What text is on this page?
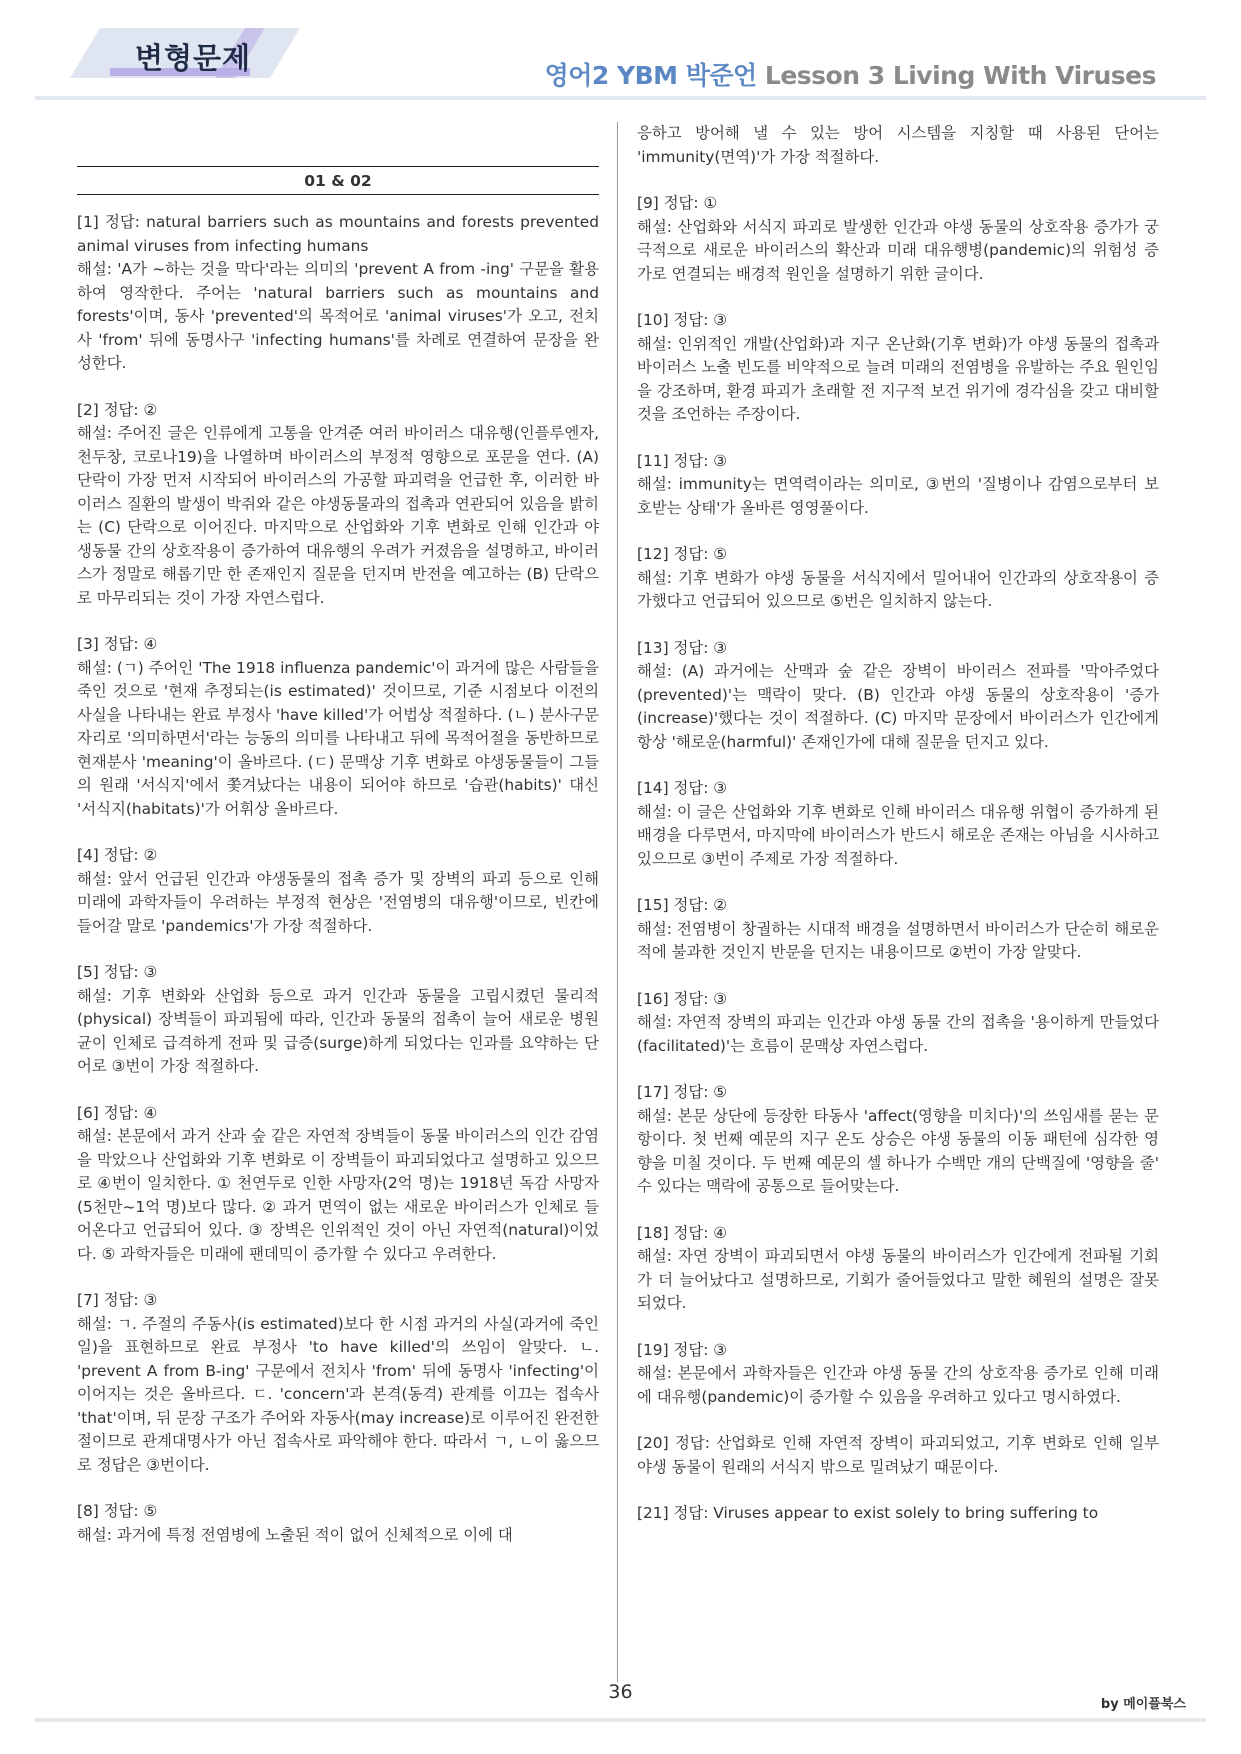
변형문제
영어2 YBM 박준언 Lesson 3 Living With Viruses
01 & 02
[1] 정답: natural barriers such as mountains and forests prevented animal viruses from infecting humans
해설: 'A가 ~하는 것을 막다'라는 의미의 'prevent A from -ing' 구문을 활용하여 영작한다. 주어는 'natural barriers such as mountains and forests'이며, 동사 'prevented'의 목적어로 'animal viruses'가 오고, 전치사 'from' 뒤에 동명사구 'infecting humans'를 차례로 연결하여 문장을 완성한다.
[2] 정답: ②
해설: 주어진 글은 인류에게 고통을 안겨준 여러 바이러스 대유행(인플루엔자, 천두창, 코로나19)을 나열하며 바이러스의 부정적 영향으로 포문을 연다. (A) 단락이 가장 먼저 시작되어 바이러스의 가공할 파괴력을 언급한 후, 이러한 바이러스 질환의 발생이 박쥐와 같은 야생동물과의 접촉과 연관되어 있음을 밝히는 (C) 단락으로 이어진다. 마지막으로 산업화와 기후 변화로 인해 인간과 야생동물 간의 상호작용이 증가하여 대유행의 우려가 커졌음을 설명하고, 바이러스가 정말로 해롭기만 한 존재인지 질문을 던지며 반전을 예고하는 (B) 단락으로 마무리되는 것이 가장 자연스럽다.
[3] 정답: ④
해설: (ㄱ) 주어인 'The 1918 influenza pandemic'이 과거에 많은 사람들을 죽인 것으로 '현재 추정되는(is estimated)' 것이므로, 기준 시점보다 이전의 사실을 나타내는 완료 부정사 'have killed'가 어법상 적절하다. (ㄴ) 분사구문 자리로 '의미하면서'라는 능동의 의미를 나타내고 뒤에 목적어절을 동반하므로 현재분사 'meaning'이 올바르다. (ㄷ) 문맥상 기후 변화로 야생동물들이 그들의 원래 '서식지'에서 쫓겨났다는 내용이 되어야 하므로 '습관(habits)' 대신 '서식지(habitats)'가 어휘상 올바르다.
[4] 정답: ②
해설: 앞서 언급된 인간과 야생동물의 접촉 증가 및 장벽의 파괴 등으로 인해 미래에 과학자들이 우려하는 부정적 현상은 '전염병의 대유행'이므로, 빈칸에 들어갈 말로 'pandemics'가 가장 적절하다.
[5] 정답: ③
해설: 기후 변화와 산업화 등으로 과거 인간과 동물을 고립시켰던 물리적(physical) 장벽들이 파괴됨에 따라, 인간과 동물의 접촉이 늘어 새로운 병원균이 인체로 급격하게 전파 및 급증(surge)하게 되었다는 인과를 요약하는 단어로 ③번이 가장 적절하다.
[6] 정답: ④
해설: 본문에서 과거 산과 숲 같은 자연적 장벽들이 동물 바이러스의 인간 감염을 막았으나 산업화와 기후 변화로 이 장벽들이 파괴되었다고 설명하고 있으므로 ④번이 일치한다. ① 천연두로 인한 사망자(2억 명)는 1918년 독감 사망자(5천만~1억 명)보다 많다. ② 과거 면역이 없는 새로운 바이러스가 인체로 들어온다고 언급되어 있다. ③ 장벽은 인위적인 것이 아닌 자연적(natural)이었다. ⑤ 과학자들은 미래에 팬데믹이 증가할 수 있다고 우려한다.
[7] 정답: ③
해설: ㄱ. 주절의 주동사(is estimated)보다 한 시점 과거의 사실(과거에 죽인 일)을 표현하므로 완료 부정사 'to have killed'의 쓰임이 알맞다. ㄴ. 'prevent A from B-ing' 구문에서 전치사 'from' 뒤에 동명사 'infecting'이 이어지는 것은 올바르다. ㄷ. 'concern'과 본격(동격) 관계를 이끄는 접속사 'that'이며, 뒤 문장 구조가 주어와 자동사(may increase)로 이루어진 완전한 절이므로 관계대명사가 아닌 접속사로 파악해야 한다. 따라서 ㄱ, ㄴ이 옳으므로 정답은 ③번이다.
[8] 정답: ⑤
해설: 과거에 특정 전염병에 노출된 적이 없어 신체적으로 이에 대
응하고 방어해 낼 수 있는 방어 시스템을 지칭할 때 사용된 단어는 'immunity(면역)'가 가장 적절하다.
[9] 정답: ①
해설: 산업화와 서식지 파괴로 발생한 인간과 야생 동물의 상호작용 증가가 궁극적으로 새로운 바이러스의 확산과 미래 대유행병(pandemic)의 위험성 증가로 연결되는 배경적 원인을 설명하기 위한 글이다.
[10] 정답: ③
해설: 인위적인 개발(산업화)과 지구 온난화(기후 변화)가 야생 동물의 접촉과 바이러스 노출 빈도를 비약적으로 늘려 미래의 전염병을 유발하는 주요 원인임을 강조하며, 환경 파괴가 초래할 전 지구적 보건 위기에 경각심을 갖고 대비할 것을 조언하는 주장이다.
[11] 정답: ③
해설: immunity는 면역력이라는 의미로, ③번의 '질병이나 감염으로부터 보호받는 상태'가 올바른 영영풀이다.
[12] 정답: ⑤
해설: 기후 변화가 야생 동물을 서식지에서 밀어내어 인간과의 상호작용이 증가했다고 언급되어 있으므로 ⑤번은 일치하지 않는다.
[13] 정답: ③
해설: (A) 과거에는 산맥과 숲 같은 장벽이 바이러스 전파를 '막아주었다(prevented)'는 맥락이 맞다. (B) 인간과 야생 동물의 상호작용이 '증가(increase)'했다는 것이 적절하다. (C) 마지막 문장에서 바이러스가 인간에게 항상 '해로운(harmful)' 존재인가에 대해 질문을 던지고 있다.
[14] 정답: ③
해설: 이 글은 산업화와 기후 변화로 인해 바이러스 대유행 위협이 증가하게 된 배경을 다루면서, 마지막에 바이러스가 반드시 해로운 존재는 아님을 시사하고 있으므로 ③번이 주제로 가장 적절하다.
[15] 정답: ②
해설: 전염병이 창궐하는 시대적 배경을 설명하면서 바이러스가 단순히 해로운 적에 불과한 것인지 반문을 던지는 내용이므로 ②번이 가장 알맞다.
[16] 정답: ③
해설: 자연적 장벽의 파괴는 인간과 야생 동물 간의 접촉을 '용이하게 만들었다(facilitated)'는 흐름이 문맥상 자연스럽다.
[17] 정답: ⑤
해설: 본문 상단에 등장한 타동사 'affect(영향을 미치다)'의 쓰임새를 묻는 문항이다. 첫 번째 예문의 지구 온도 상승은 야생 동물의 이동 패턴에 심각한 영향을 미칠 것이다. 두 번째 예문의 셀 하나가 수백만 개의 단백질에 '영향을 줄' 수 있다는 맥락에 공통으로 들어맞는다.
[18] 정답: ④
해설: 자연 장벽이 파괴되면서 야생 동물의 바이러스가 인간에게 전파될 기회가 더 늘어났다고 설명하므로, 기회가 줄어들었다고 말한 혜원의 설명은 잘못되었다.
[19] 정답: ③
해설: 본문에서 과학자들은 인간과 야생 동물 간의 상호작용 증가로 인해 미래에 대유행(pandemic)이 증가할 수 있음을 우려하고 있다고 명시하였다.
[20] 정답: 산업화로 인해 자연적 장벽이 파괴되었고, 기후 변화로 인해 일부 야생 동물이 원래의 서식지 밖으로 밀려났기 때문이다.
[21] 정답: Viruses appear to exist solely to bring suffering to
36
by 메이플북스
